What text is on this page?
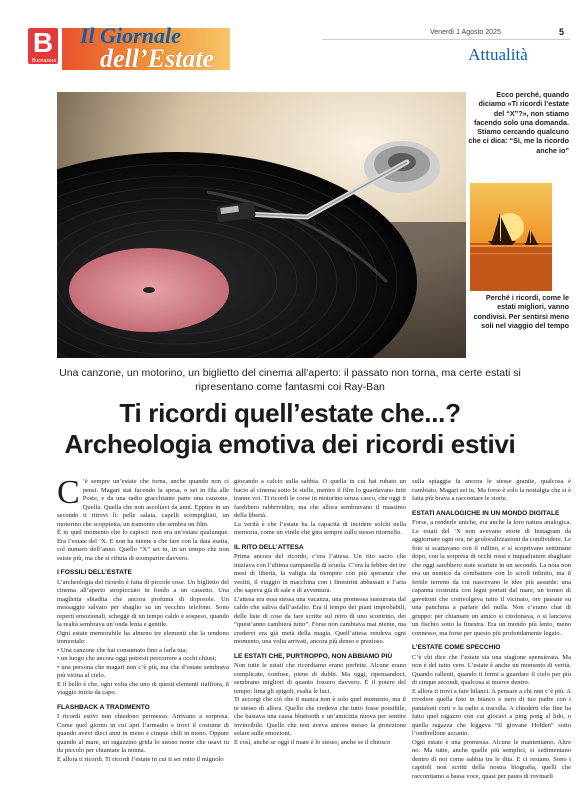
B
Buonasera
Il Giornale
dell’Estate
Venerdì 1 Agosto 2025	5
Attualità
Ecco perché, quando diciamo «Ti ricordi l’estate del “X”?», non stiamo facendo solo una domanda. Stiamo cercando qualcuno che ci dica: “Sì, me la ricordo anche io”
Perché i ricordi, come le estati migliori, vanno condivisi. Per sentirsi meno soli nel viaggio del tempo
Una canzone, un motorino, un biglietto del cinema all’aperto: il passato non torna, ma certe estati si ripresentano come fantasmi coi Ray-Ban
Ti ricordi quell’estate che...?
Archeologia emotiva dei ricordi estivi

C ’è sempre un’estate che torna, anche quando non ci pensi. Magari stai facendo la spesa, o sei in fila alle Poste, e da una radio gracchiante parte una canzone. Quella. Quella che non ascoltavi da anni. Eppure in un secondo ti ritrovi lì: pelle salata, capelli scompigliati, un motorino che scoppietta, un tramonto che sembra un film.

È in quel momento che lo capisci: non era un’estate qualunque. Era l’estate del ’X. E non ha niente a che fare con la data esatta, col numero dell’anno. Quello “X” sei tu, in un tempo che non esiste più, ma che si rifiuta di scomparire davvero.

I FOSSILI DELL’ESTATE

L’archeologia del ricordo è fatta di piccole cose. Un biglietto del cinema all’aperto stropicciato in fondo a un cassetto. Una maglietta sbiadita che ancora profuma di doposole. Un messaggio salvato per sbaglio su un vecchio telefono. Sono reperti emozionali, schegge di un tempo caldo e sospeso, quando la realtà sembrava un’onda lenta e gentile.

Ogni estate memorabile ha almeno tre elementi che la rendono immortale:

• Una canzone che hai consumato fino a farla tua;

• un luogo che ancora oggi potresti percorrere a occhi chiusi;

• una persona che magari non c’è più, ma che d’estate sembrava più vicina al cielo.

E il bello è che, ogni volta che uno di questi elementi riaffiora, il viaggio inizia da capo.

FLASHBACK A TRADIMENTO

I ricordi estivi non chiedono permesso. Arrivano a sorpresa. Come quel giorno in cui apri l’armadio e trovi il costume di quando avevi dieci anni in meno e cinque chili in meno. Oppure quando al mare, un ragazzino grida lo stesso nome che usavi tu da piccolo per chiamare la nonna.

E allora ti ricordi. Ti ricordi l’estate in cui ti sei rotto il mignolo

giocando a calcio sulla sabbia. O quella in cui hai rubato un bacio al cinema sotto le stelle, mentre il film lo guardavano tutti tranne voi. Ti ricordi le corse in motorino senza casco, che oggi ti farebbero rabbrividire, ma che allora sembravano il massimo della libertà.

La verità è che l’estate ha la capacità di incidere solchi nella memoria, come un vinile che gira sempre sullo stesso ritornello.

IL RITO DELL’ATTESA

Prima ancora del ricordo, c’era l’attesa. Un rito sacro che iniziava con l’ultima campanella di scuola. C’era la febbre dei tre mesi di libertà, la valigia da riempire con più speranze che vestiti, il viaggio in macchina con i finestrini abbassati e l’aria che sapeva già di sale e di avventura.

L’attesa era essa stessa una vacanza, una promessa sussurrata dal caldo che saliva dall’asfalto. Era il tempo dei piani improbabili, delle liste di cose da fare scritte sul retro di uno scontrino, dei “quest’anno cambierà tutto”. Forse non cambiava mai niente, ma credervi era già metà della magia. Quell’attesa rendeva ogni momento, una volta arrivati, ancora più denso e prezioso.

LE ESTATI CHE, PURTROPPO, NON ABBIAMO PIÙ

Non tutte le estati che ricordiamo erano perfette. Alcune erano complicate, confuse, piene di dubbi. Ma oggi, ripensandoci, sembrano migliori di quanto fossero davvero. È il potere del tempo: lima gli spigoli, esalta le luci.

Ti accorgi che ciò che ti manca non è solo quel momento, ma il te stesso di allora. Quello che credeva che tutto fosse possibile, che bastava una cassa bluetooth e un’amicizia nuova per sentire invincibile. Quello che non aveva ancora messo la protezione solare sulle emozioni.

E così, anche se oggi il mare è lo stesso, anche se il chiosco

sulla spiaggia fa ancora le stesse granite, qualcosa è cambiato. Magari sei tu. Ma forse è solo la nostalgia che si è fatta più brava a raccontare le storie.

ESTATI ANALOGICHE IN UN MONDO DIGITALE

Forse, a renderle uniche, era anche la loro natura analogica. Le estati del ’X non avevano storie di Instagram da aggiornare ogni ora, né geolocalizzazioni da condividere. Le foto si scattavano con il rullino, e si scoprivano settimane dopo, con la sorpresa di occhi rossi e inquadrature sbagliate che oggi sarebbero state scartate in un secondo. La noia non era un nemico da combattere con lo scroll infinito, ma il fertile terreno da cui nascevano le idee più assurde: una capanna costruita con legni portati dal mare, un torneo di gavettoni che coinvolgeva tutto il vicinato, ore passate su una panchina a parlare del nulla. Non c’erano chat di gruppo: per chiamare un amico si citofonava, o si lanciava un fischio sotto la finestra. Era un mondo più lento, meno connesso, ma forse per questo più profondamente legato.

L’ESTATE COME SPECCHIO

C’è chi dice che l’estate sia una stagione spensierata. Ma non è del tutto vero. L’estate è anche un momento di verità. Quando rallenti, quando ti fermi a guardare il cielo per più di cinque secondi, qualcosa si muove dentro.

E allora ti trovi a fare bilanci. A pensare a chi non c’è più. A rivedere quella foto in bianco e nero di tuo padre con i pantaloni corti e la radio a tracolla. A chiederti che fine ha fatto quel ragazzo con cui giocavi a ping pong al lido, o quella ragazza che leggeva “Il giovane Holden” sotto l’ombrellone accanto.

Ogni estate è una promessa. Alcune le manteniamo. Altre no. Ma tutte, anche quelle più semplici, si sedimentano dentro di noi come sabbia tra le dita. E ci restano. Sono i capitoli non scritti della nostra biografia, quelli che raccontiamo a bassa voce, quasi per paura di rovinarli
